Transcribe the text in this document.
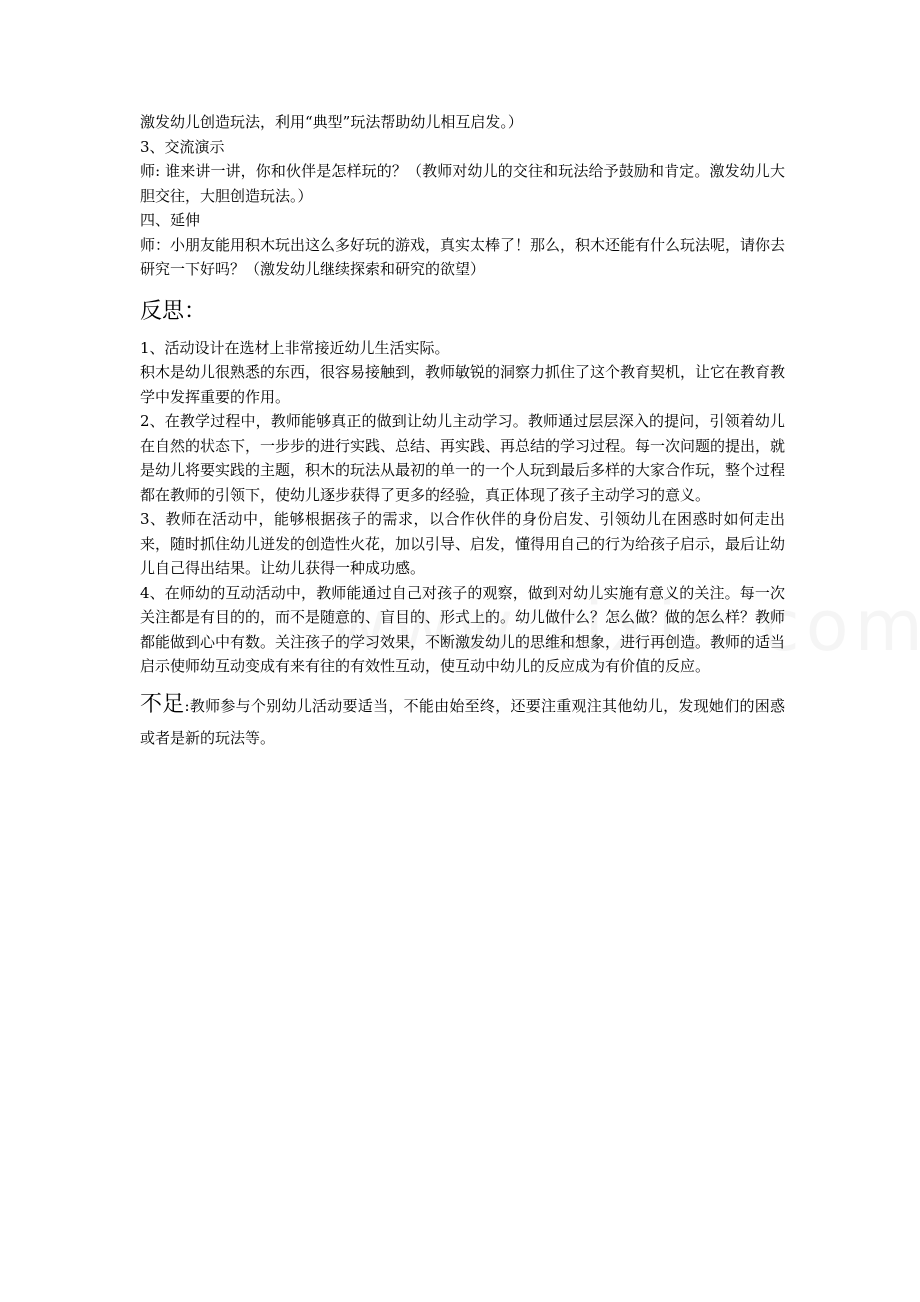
激发幼儿创造玩法，利用“典型”玩法帮助幼儿相互启发。）

3、交流演示

师: 谁来讲一讲，你和伙伴是怎样玩的？（教师对幼儿的交往和玩法给予鼓励和肯定。激发幼儿大胆交往，大胆创造玩法。）

四、延伸

师：小朋友能用积木玩出这么多好玩的游戏，真实太棒了！那么，积木还能有什么玩法呢，请你去研究一下好吗？（激发幼儿继续探索和研究的欲望）

反思：

1、活动设计在选材上非常接近幼儿生活实际。

积木是幼儿很熟悉的东西，很容易接触到，教师敏锐的洞察力抓住了这个教育契机，让它在教育教学中发挥重要的作用。

2、在教学过程中，教师能够真正的做到让幼儿主动学习。教师通过层层深入的提问，引领着幼儿在自然的状态下，一步步的进行实践、总结、再实践、再总结的学习过程。每一次问题的提出，就是幼儿将要实践的主题，积木的玩法从最初的单一的一个人玩到最后多样的大家合作玩，整个过程都在教师的引领下，使幼儿逐步获得了更多的经验，真正体现了孩子主动学习的意义。

3、教师在活动中，能够根据孩子的需求，以合作伙伴的身份启发、引领幼儿在困惑时如何走出来，随时抓住幼儿迸发的创造性火花，加以引导、启发，懂得用自己的行为给孩子启示，最后让幼儿自己得出结果。让幼儿获得一种成功感。

4、在师幼的互动活动中，教师能通过自己对孩子的观察，做到对幼儿实施有意义的关注。每一次关注都是有目的的，而不是随意的、盲目的、形式上的。幼儿做什么？怎么做？做的怎么样？教师都能做到心中有数。关注孩子的学习效果，不断激发幼儿的思维和想象，进行再创造。教师的适当启示使师幼互动变成有来有往的有效性互动，使互动中幼儿的反应成为有价值的反应。

不足:教师参与个别幼儿活动要适当，不能由始至终，还要注重观注其他幼儿，发现她们的困惑或者是新的玩法等。
